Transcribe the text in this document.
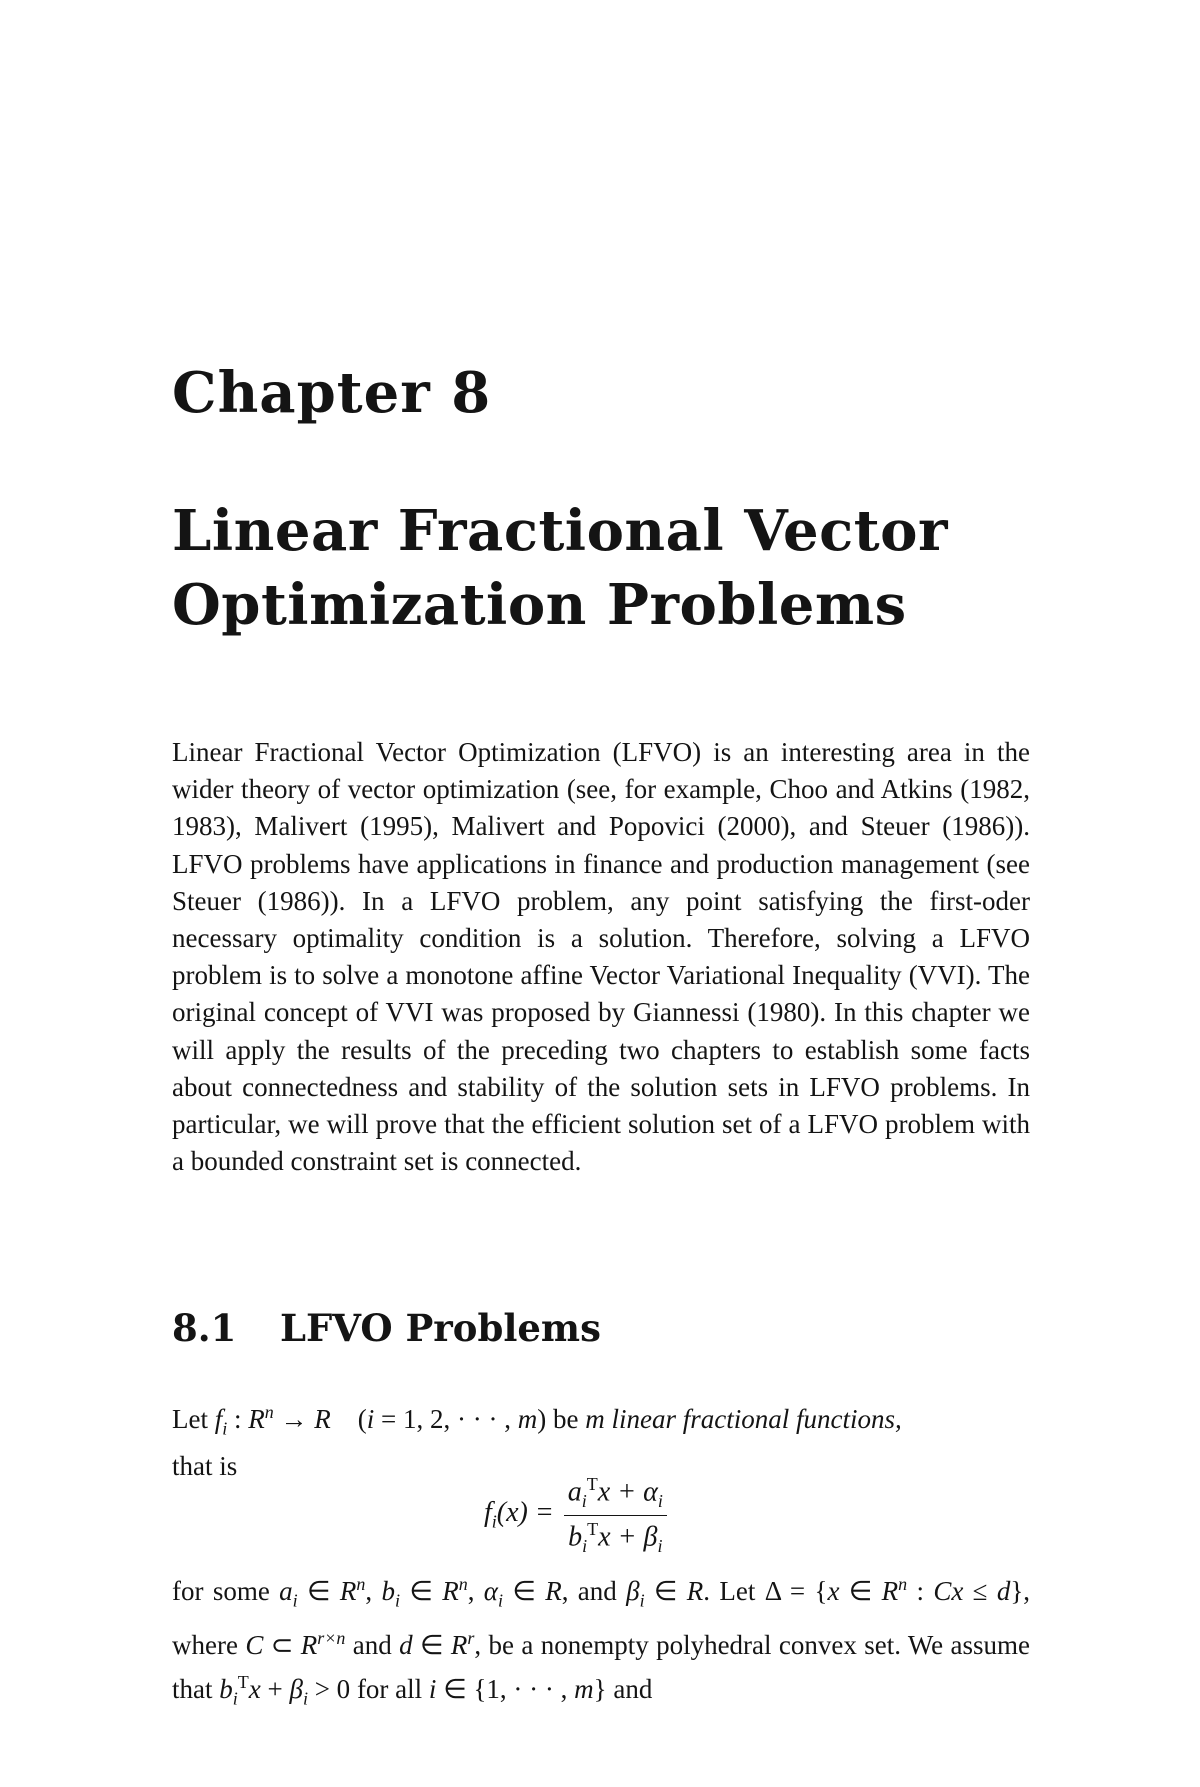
Chapter 8
Linear Fractional Vector
Optimization Problems

Linear Fractional Vector Optimization (LFVO) is an interesting area in the wider theory of vector optimization (see, for example, Choo and Atkins (1982, 1983), Malivert (1995), Malivert and Popovici (2000), and Steuer (1986)). LFVO problems have applications in finance and production management (see Steuer (1986)). In a LFVO problem, any point satisfying the first-oder necessary optimality condition is a solution. Therefore, solving a LFVO problem is to solve a monotone affine Vector Variational Inequality (VVI). The original concept of VVI was proposed by Giannessi (1980). In this chapter we will apply the results of the preceding two chapters to establish some facts about connectedness and stability of the solution sets in LFVO problems. In particular, we will prove that the efficient solution set of a LFVO problem with a bounded constraint set is connected.

8.1 LFVO Problems

Let $f_i$ : $R^n \to R$    (i = 1, 2, · · · , m) be m linear fractional functions,
that is

$f_i(x) = \frac{a_i^Tx + \alpha_i}{b_i^Tx + \beta_i}$

for some $a_i$ ∈ $R^n$, $b_i$ ∈ $R^n$, $\alpha_i$ ∈ R, and $\beta_i$ ∈ R. Let Δ = {x ∈ $R^n$ : Cx ≤ d}, where C ⊂ $R^{r\times n}$ and d ∈ $R^r$, be a nonempty polyhedral convex set. We assume that $b_i^Tx + \beta_i > 0$ for all i ∈ {1, · · · , m} and
